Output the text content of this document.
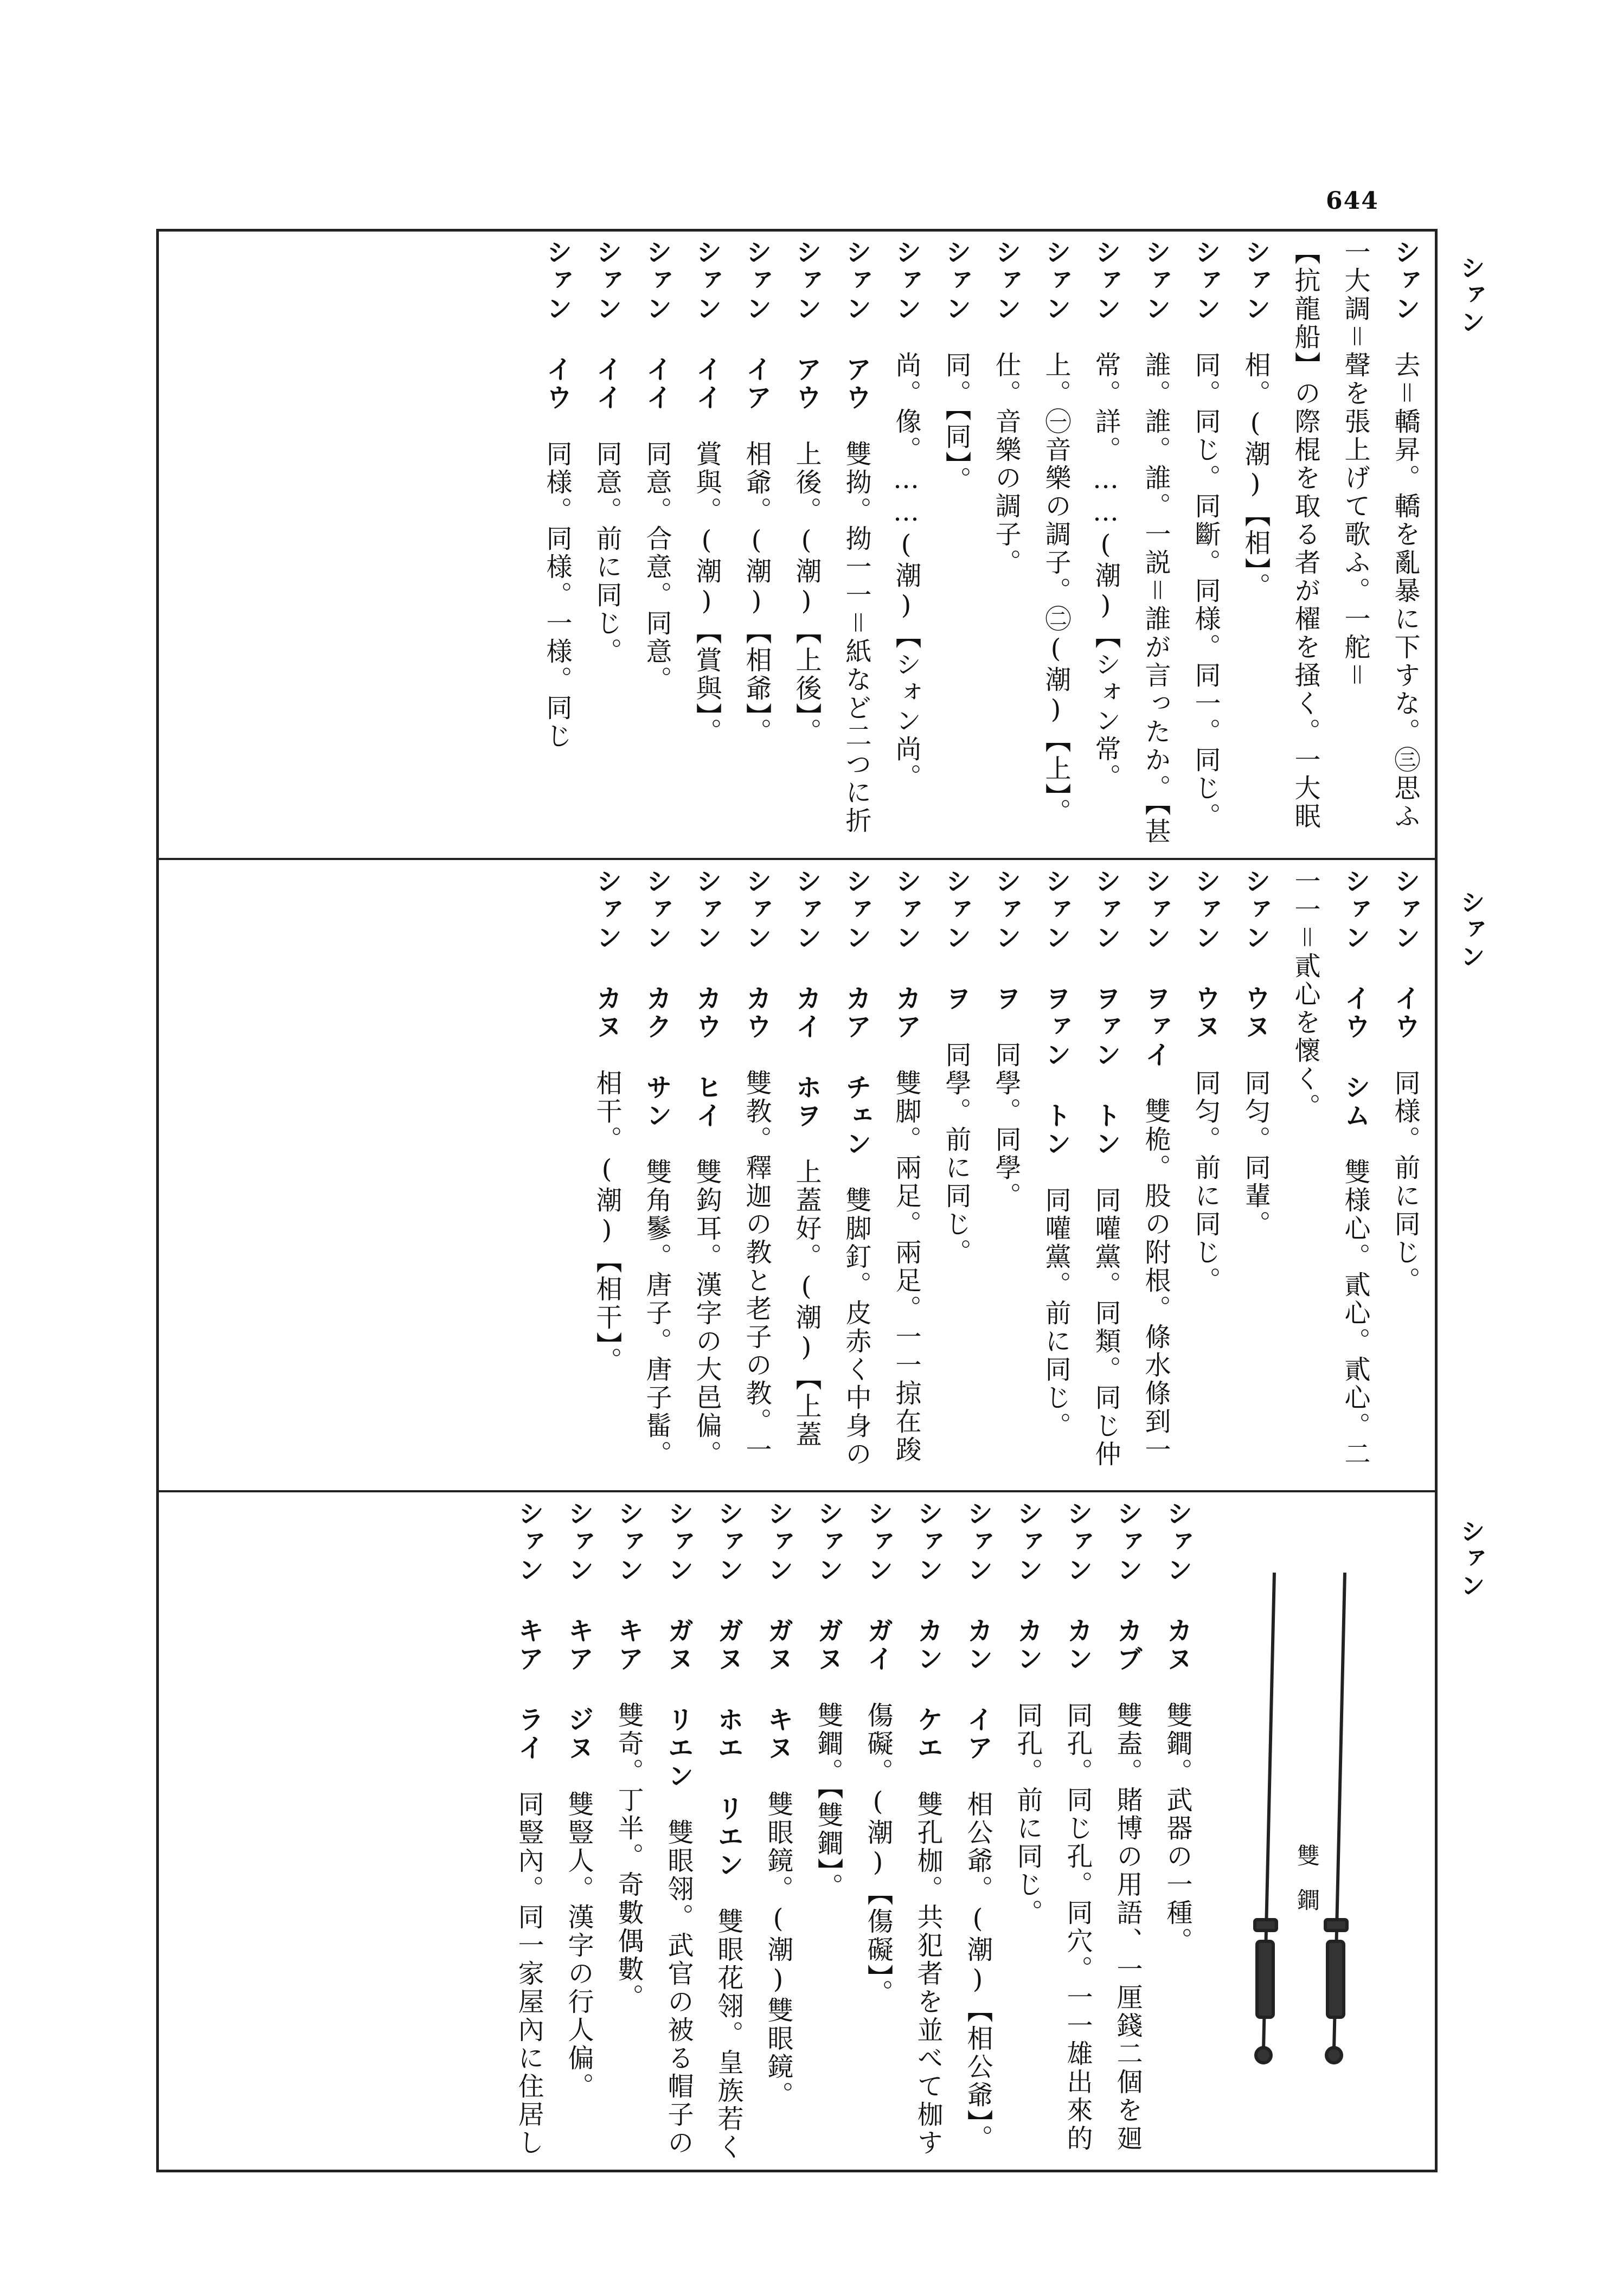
644
シァン
シァン
シァン
シァン　去＝轎昇。轎を亂暴に下すな。㊂思ふ
一大調＝聲を張上げて歌ふ。一舵＝
【抗龍船】の際棍を取る者が櫂を掻く。一大眠
シァン　相。(潮)【相】。
シァン　同。同じ。同斷。同様。同一。同じ。
シァン　誰。誰。誰。一説＝誰が言ったか。【甚
シァン　常。詳。……(潮)【シォン常。
シァン　上。㊀音樂の調子。㊁(潮)【上】。
シァン　仕。音樂の調子。
シァン　同。【同】。
シァン　尚。像。……(潮)【シォン尚。
シァン アウ　雙拗。拗一一＝紙など二つに折
シァン アウ　上後。(潮)【上後】。
シァン イア　相爺。(潮)【相爺】。
シァン イイ　賞與。(潮)【賞與】。
シァン イイ　同意。合意。同意。
シァン イイ　同意。前に同じ。
シァン イウ　同様。同様。一様。同じ
シァン イウ　同様。前に同じ。
シァン イウ シム　雙様心。貳心。貳心。二
一一＝貳心を懷く。
シァン ウヌ　同匀。同輩。
シァン ウヌ　同匀。前に同じ。
シァン ヲァイ　雙桅。股の附根。條水條到一
シァン ヲァン トン　同嚾黨。同類。同じ仲
シァン ヲァン トン　同嚾黨。前に同じ。
シァン ヲ　同學。同學。
シァン ヲ　同學。前に同じ。
シァン カア　雙脚。兩足。兩足。一一掠在踆
シァン カア チェン　雙脚釘。皮赤く中身の
シァン カイ ホヲ　上蓋好。(潮)【上蓋
シァン カウ　雙教。釋迦の教と老子の教。一
シァン カウ ヒイ　雙鈎耳。漢字の大邑偏。
シァン カク サン　雙角鬖。唐子。唐子髷。
シァン カヌ　相干。(潮)【相干】。
シァン カヌ　雙鐧。武器の一種。
シァン カブ　雙盍。賭博の用語、一厘錢二個を廻
シァン カン　同孔。同じ孔。同穴。一一雄出來的
シァン カン　同孔。前に同じ。
シァン カン イア　相公爺。(潮)【相公爺】。
シァン カン ケエ　雙孔枷。共犯者を並べて枷す
シァン ガイ　傷礙。(潮)【傷礙】。
シァン ガヌ　雙鐧。【雙鐧】。
シァン ガヌ キヌ　雙眼鏡。(潮)雙眼鏡。
シァン ガヌ ホエ リエン　雙眼花翎。皇族若く
シァン ガヌ リエン　雙眼翎。武官の被る帽子の
シァン キア　雙奇。丁半。奇數偶數。
シァン キア ジヌ　雙豎人。漢字の行人偏。
シァン キア ライ　同豎內。同一家屋內に住居し
雙鐧
